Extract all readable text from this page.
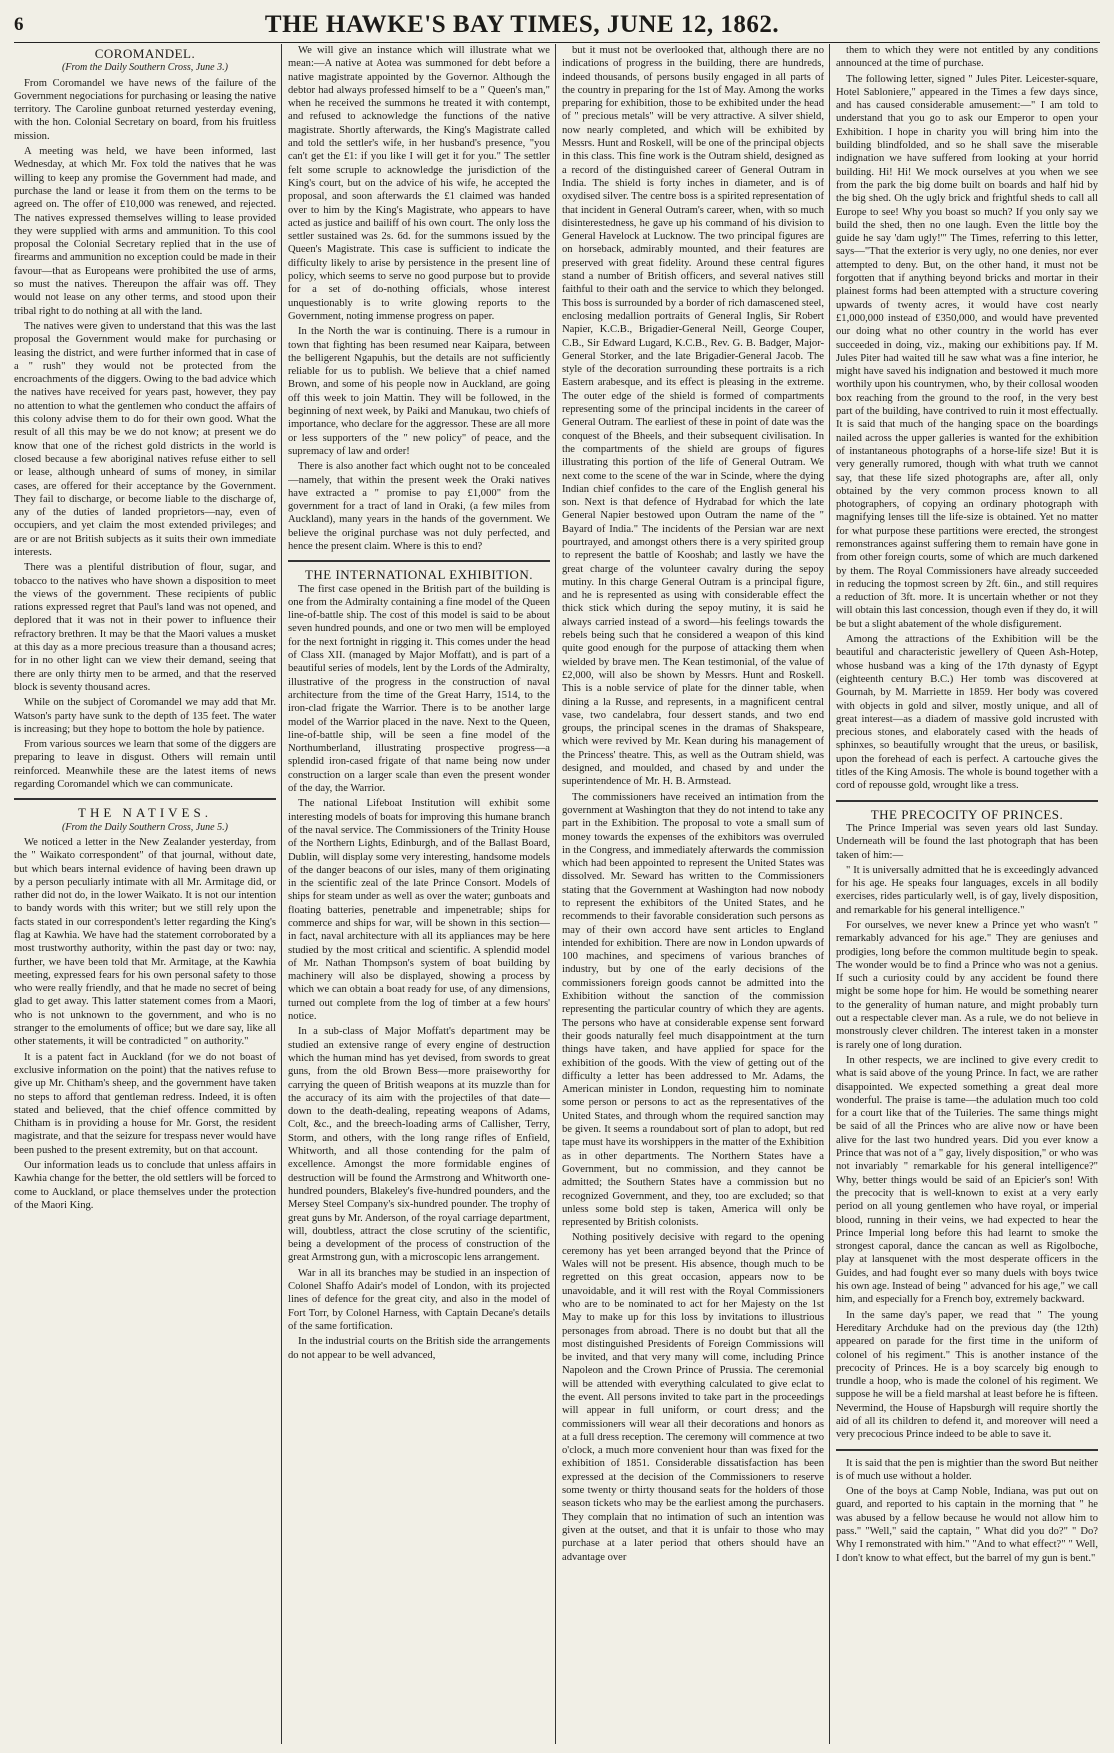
6	THE HAWKE'S BAY TIMES, JUNE 12, 1862.
COROMANDEL.
(From the Daily Southern Cross, June 3.)

From Coromandel we have news of the failure of the Government negociations for purchasing or leasing the native territory. The Caroline gunboat returned yesterday evening, with the hon. Colonial Secretary on board, from his fruitless mission.

A meeting was held, we have been informed, last Wednesday, at which Mr. Fox told the natives that he was willing to keep any promise the Government had made, and purchase the land or lease it from them on the terms to be agreed on. The offer of £10,000 was renewed, and rejected. The natives expressed themselves willing to lease provided they were supplied with arms and ammunition. To this cool proposal the Colonial Secretary replied that in the use of firearms and ammunition no exception could be made in their favour—that as Europeans were prohibited the use of arms, so must the natives. Thereupon the affair was off. They would not lease on any other terms, and stood upon their tribal right to do nothing at all with the land.

The natives were given to understand that this was the last proposal the Government would make for purchasing or leasing the district, and were further informed that in case of a " rush" they would not be protected from the encroachments of the diggers. Owing to the bad advice which the natives have received for years past, however, they pay no attention to what the gentlemen who conduct the affairs of this colony advise them to do for their own good. What the result of all this may be we do not know; at present we do know that one of the richest gold districts in the world is closed because a few aboriginal natives refuse either to sell or lease, although unheard of sums of money, in similar cases, are offered for their acceptance by the Government. They fail to discharge, or become liable to the discharge of, any of the duties of landed proprietors—nay, even of occupiers, and yet claim the most extended privileges; and are or are not British subjects as it suits their own immediate interests.

There was a plentiful distribution of flour, sugar, and tobacco to the natives who have shown a disposition to meet the views of the government. These recipients of public rations expressed regret that Paul's land was not opened, and deplored that it was not in their power to influence their refractory brethren. It may be that the Maori values a musket at this day as a more precious treasure than a thousand acres; for in no other light can we view their demand, seeing that there are only thirty men to be armed, and that the reserved block is seventy thousand acres.

While on the subject of Coromandel we may add that Mr. Watson's party have sunk to the depth of 135 feet. The water is increasing; but they hope to bottom the hole by patience.

From various sources we learn that some of the diggers are preparing to leave in disgust. Others will remain until reinforced. Meanwhile these are the latest items of news regarding Coromandel which we can communicate.

THE NATIVES.
(From the Daily Southern Cross, June 5.)

We noticed a letter in the New Zealander yesterday, from the " Waikato correspondent" of that journal, without date, but which bears internal evidence of having been drawn up by a person peculiarly intimate with all Mr. Armitage did, or rather did not do, in the lower Waikato. It is not our intention to bandy words with this writer; but we still rely upon the facts stated in our correspondent's letter regarding the King's flag at Kawhia. We have had the statement corroborated by a most trustworthy authority, within the past day or two: nay, further, we have been told that Mr. Armitage, at the Kawhia meeting, expressed fears for his own personal safety to those who were really friendly, and that he made no secret of being glad to get away. This latter statement comes from a Maori, who is not unknown to the government, and who is no stranger to the emoluments of office; but we dare say, like all other statements, it will be contradicted " on authority."

It is a patent fact in Auckland (for we do not boast of exclusive information on the point) that the natives refuse to give up Mr. Chitham's sheep, and the government have taken no steps to afford that gentleman redress. Indeed, it is often stated and believed, that the chief offence committed by Chitham is in providing a house for Mr. Gorst, the resident magistrate, and that the seizure for trespass never would have been pushed to the present extremity, but on that account.

Our information leads us to conclude that unless affairs in Kawhia change for the better, the old settlers will be forced to come to Auckland, or place themselves under the protection of the Maori King.

We will give an instance which will illustrate what we mean:—A native at Aotea was summoned for debt before a native magistrate appointed by the Governor. Although the debtor had always professed himself to be a " Queen's man," when he received the summons he treated it with contempt, and refused to acknowledge the functions of the native magistrate. Shortly afterwards, the King's Magistrate called and told the settler's wife, in her husband's presence, "you can't get the £1: if you like I will get it for you." The settler felt some scruple to acknowledge the jurisdiction of the King's court, but on the advice of his wife, he accepted the proposal, and soon afterwards the £1 claimed was handed over to him by the King's Magistrate, who appears to have acted as justice and bailiff of his own court. The only loss the settler sustained was 2s. 6d. for the summons issued by the Queen's Magistrate. This case is sufficient to indicate the difficulty likely to arise by persistence in the present line of policy, which seems to serve no good purpose but to provide for a set of do-nothing officials, whose interest unquestionably is to write glowing reports to the Government, noting immense progress on paper.

In the North the war is continuing. There is a rumour in town that fighting has been resumed near Kaipara, between the belligerent Ngapuhis, but the details are not sufficiently reliable for us to publish. We believe that a chief named Brown, and some of his people now in Auckland, are going off this week to join Mattin. They will be followed, in the beginning of next week, by Paiki and Manukau, two chiefs of importance, who declare for the aggressor. These are all more or less supporters of the " new policy" of peace, and the supremacy of law and order!

There is also another fact which ought not to be concealed—namely, that within the present week the Oraki natives have extracted a " promise to pay £1,000" from the government for a tract of land in Oraki, (a few miles from Auckland), many years in the hands of the government. We believe the original purchase was not duly perfected, and hence the present claim. Where is this to end?

THE INTERNATIONAL EXHIBITION.

The first case opened in the British part of the building is one from the Admiralty containing a fine model of the Queen line-of-battle ship. The cost of this model is said to be about seven hundred pounds, and one or two men will be employed for the next fortnight in rigging it. This comes under the head of Class XII. (managed by Major Moffatt), and is part of a beautiful series of models, lent by the Lords of the Admiralty, illustrative of the progress in the construction of naval architecture from the time of the Great Harry, 1514, to the iron-clad frigate the Warrior. There is to be another large model of the Warrior placed in the nave. Next to the Queen, line-of-battle ship, will be seen a fine model of the Northumberland, illustrating prospective progress—a splendid iron-cased frigate of that name being now under construction on a larger scale than even the present wonder of the day, the Warrior.

The national Lifeboat Institution will exhibit some interesting models of boats for improving this humane branch of the naval service. The Commissioners of the Trinity House of the Northern Lights, Edinburgh, and of the Ballast Board, Dublin, will display some very interesting, handsome models of the danger beacons of our isles, many of them originating in the scientific zeal of the late Prince Consort. Models of ships for steam under as well as over the water; gunboats and floating batteries, penetrable and impenetrable; ships for commerce and ships for war, will be shown in this section—in fact, naval architecture with all its appliances may be here studied by the most critical and scientific. A splendid model of Mr. Nathan Thompson's system of boat building by machinery will also be displayed, showing a process by which we can obtain a boat ready for use, of any dimensions, turned out complete from the log of timber at a few hours' notice.

In a sub-class of Major Moffatt's department may be studied an extensive range of every engine of destruction which the human mind has yet devised, from swords to great guns, from the old Brown Bess—more praiseworthy for carrying the queen of British weapons at its muzzle than for the accuracy of its aim with the projectiles of that date—down to the death-dealing, repeating weapons of Adams, Colt, &c., and the breech-loading arms of Callisher, Terry, Storm, and others, with the long range rifles of Enfield, Whitworth, and all those contending for the palm of excellence. Amongst the more formidable engines of destruction will be found the Armstrong and Whitworth one-hundred pounders, Blakeley's five-hundred pounders, and the Mersey Steel Company's six-hundred pounder. The trophy of great guns by Mr. Anderson, of the royal carriage department, will, doubtless, attract the close scrutiny of the scientific, being a development of the process of construction of the great Armstrong gun, with a microscopic lens arrangement.

War in all its branches may be studied in an inspection of Colonel Shaffo Adair's model of London, with its projected lines of defence for the great city, and also in the model of Fort Torr, by Colonel Harness, with Captain Decane's details of the same fortification.

In the industrial courts on the British side the arrangements do not appear to be well advanced,

but it must not be overlooked that, although there are no indications of progress in the building, there are hundreds, indeed thousands, of persons busily engaged in all parts of the country in preparing for the 1st of May. Among the works preparing for exhibition, those to be exhibited under the head of " precious metals" will be very attractive. A silver shield, now nearly completed, and which will be exhibited by Messrs. Hunt and Roskell, will be one of the principal objects in this class. This fine work is the Outram shield, designed as a record of the distinguished career of General Outram in India. The shield is forty inches in diameter, and is of oxydised silver. The centre boss is a spirited representation of that incident in General Outram's career, when, with so much disinterestedness, he gave up his command of his division to General Havelock at Lucknow. The two principal figures are on horseback, admirably mounted, and their features are preserved with great fidelity. Around these central figures stand a number of British officers, and several natives still faithful to their oath and the service to which they belonged. This boss is surrounded by a border of rich damascened steel, enclosing medallion portraits of General Inglis, Sir Robert Napier, K.C.B., Brigadier-General Neill, George Couper, C.B., Sir Edward Lugard, K.C.B., Rev. G. B. Badger, Major-General Storker, and the late Brigadier-General Jacob. The style of the decoration surrounding these portraits is a rich Eastern arabesque, and its effect is pleasing in the extreme. The outer edge of the shield is formed of compartments representing some of the principal incidents in the career of General Outram. The earliest of these in point of date was the conquest of the Bheels, and their subsequent civilisation. In the compartments of the shield are groups of figures illustrating this portion of the life of General Outram. We next come to the scene of the war in Scinde, where the dying Indian chief confides to the care of the English general his son. Next is that defence of Hydrabad for which the late General Napier bestowed upon Outram the name of the " Bayard of India." The incidents of the Persian war are next pourtrayed, and amongst others there is a very spirited group to represent the battle of Kooshab; and lastly we have the great charge of the volunteer cavalry during the sepoy mutiny. In this charge General Outram is a principal figure, and he is represented as using with considerable effect the thick stick which during the sepoy mutiny, it is said he always carried instead of a sword—his feelings towards the rebels being such that he considered a weapon of this kind quite good enough for the purpose of attacking them when wielded by brave men. The Kean testimonial, of the value of £2,000, will also be shown by Messrs. Hunt and Roskell. This is a noble service of plate for the dinner table, when dining a la Russe, and represents, in a magnificent central vase, two candelabra, four dessert stands, and two end groups, the principal scenes in the dramas of Shakspeare, which were revived by Mr. Kean during his management of the Princess' theatre. This, as well as the Outram shield, was designed, and moulded, and chased by and under the superintendence of Mr. H. B. Armstead.

The commissioners have received an intimation from the government at Washington that they do not intend to take any part in the Exhibition. The proposal to vote a small sum of money towards the expenses of the exhibitors was overruled in the Congress, and immediately afterwards the commission which had been appointed to represent the United States was dissolved. Mr. Seward has written to the Commissioners stating that the Government at Washington had now nobody to represent the exhibitors of the United States, and he recommends to their favorable consideration such persons as may of their own accord have sent articles to England intended for exhibition. There are now in London upwards of 100 machines, and specimens of various branches of industry, but by one of the early decisions of the commissioners foreign goods cannot be admitted into the Exhibition without the sanction of the commission representing the particular country of which they are agents. The persons who have at considerable expense sent forward their goods naturally feel much disappointment at the turn things have taken, and have applied for space for the exhibition of the goods. With the view of getting out of the difficulty a letter has been addressed to Mr. Adams, the American minister in London, requesting him to nominate some person or persons to act as the representatives of the United States, and through whom the required sanction may be given. It seems a roundabout sort of plan to adopt, but red tape must have its worshippers in the matter of the Exhibition as in other departments. The Northern States have a Government, but no commission, and they cannot be admitted; the Southern States have a commission but no recognized Government, and they, too are excluded; so that unless some bold step is taken, America will only be represented by British colonists.

Nothing positively decisive with regard to the opening ceremony has yet been arranged beyond that the Prince of Wales will not be present. His absence, though much to be regretted on this great occasion, appears now to be unavoidable, and it will rest with the Royal Commissioners who are to be nominated to act for her Majesty on the 1st May to make up for this loss by invitations to illustrious personages from abroad. There is no doubt but that all the most distinguished Presidents of Foreign Commissions will be invited, and that very many will come, including Prince Napoleon and the Crown Prince of Prussia. The ceremonial will be attended with everything calculated to give eclat to the event. All persons invited to take part in the proceedings will appear in full uniform, or court dress; and the commissioners will wear all their decorations and honors as at a full dress reception. The ceremony will commence at two o'clock, a much more convenient hour than was fixed for the exhibition of 1851. Considerable dissatisfaction has been expressed at the decision of the Commissioners to reserve some twenty or thirty thousand seats for the holders of those season tickets who may be the earliest among the purchasers. They complain that no intimation of such an intention was given at the outset, and that it is unfair to those who may purchase at a later period that others should have an advantage over

them to which they were not entitled by any conditions announced at the time of purchase.

The following letter, signed " Jules Piter. Leicester-square, Hotel Sabloniere," appeared in the Times a few days since, and has caused considerable amusement:—" I am told to understand that you go to ask our Emperor to open your Exhibition. I hope in charity you will bring him into the building blindfolded, and so he shall save the miserable indignation we have suffered from looking at your horrid building. Hi! Hi! We mock ourselves at you when we see from the park the big dome built on boards and half hid by the big shed. Oh the ugly brick and frightful sheds to call all Europe to see! Why you boast so much? If you only say we build the shed, then no one laugh. Even the little boy the guide he say 'dam ugly!'" The Times, referring to this letter, says—"That the exterior is very ugly, no one denies, nor ever attempted to deny. But, on the other hand, it must not be forgotten that if anything beyond bricks and mortar in their plainest forms had been attempted with a structure covering upwards of twenty acres, it would have cost nearly £1,000,000 instead of £350,000, and would have prevented our doing what no other country in the world has ever succeeded in doing, viz., making our exhibitions pay. If M. Jules Piter had waited till he saw what was a fine interior, he might have saved his indignation and bestowed it much more worthily upon his countrymen, who, by their collosal wooden box reaching from the ground to the roof, in the very best part of the building, have contrived to ruin it most effectually. It is said that much of the hanging space on the boardings nailed across the upper galleries is wanted for the exhibition of instantaneous photographs of a horse-life size! But it is very generally rumored, though with what truth we cannot say, that these life sized photographs are, after all, only obtained by the very common process known to all photographers, of copying an ordinary photograph with magnifying lenses till the life-size is obtained. Yet no matter for what purpose these partitions were erected, the strongest remonstrances against suffering them to remain have gone in from other foreign courts, some of which are much darkened by them. The Royal Commissioners have already succeeded in reducing the topmost screen by 2ft. 6in., and still requires a reduction of 3ft. more. It is uncertain whether or not they will obtain this last concession, though even if they do, it will be but a slight abatement of the whole disfigurement.

Among the attractions of the Exhibition will be the beautiful and characteristic jewellery of Queen Ash-Hotep, whose husband was a king of the 17th dynasty of Egypt (eighteenth century B.C.) Her tomb was discovered at Gournah, by M. Marriette in 1859. Her body was covered with objects in gold and silver, mostly unique, and all of great interest—as a diadem of massive gold incrusted with precious stones, and elaborately cased with the heads of sphinxes, so beautifully wrought that the ureus, or basilisk, upon the forehead of each is perfect. A cartouche gives the titles of the King Amosis. The whole is bound together with a cord of repousse gold, wrought like a tress.

THE PRECOCITY OF PRINCES.

The Prince Imperial was seven years old last Sunday. Underneath will be found the last photograph that has been taken of him:—

" It is universally admitted that he is exceedingly advanced for his age. He speaks four languages, excels in all bodily exercises, rides particularly well, is of gay, lively disposition, and remarkable for his general intelligence."

For ourselves, we never knew a Prince yet who wasn't " remarkably advanced for his age." They are geniuses and prodigies, long before the common multitude begin to speak. The wonder would be to find a Prince who was not a genius. If such a curiosity could by any accident be found there might be some hope for him. He would be something nearer to the generality of human nature, and might probably turn out a respectable clever man. As a rule, we do not believe in monstrously clever children. The interest taken in a monster is rarely one of long duration.

In other respects, we are inclined to give every credit to what is said above of the young Prince. In fact, we are rather disappointed. We expected something a great deal more wonderful. The praise is tame—the adulation much too cold for a court like that of the Tuileries. The same things might be said of all the Princes who are alive now or have been alive for the last two hundred years. Did you ever know a Prince that was not of a " gay, lively disposition," or who was not invariably " remarkable for his general intelligence?" Why, better things would be said of an Epicier's son! With the precocity that is well-known to exist at a very early period on all young gentlemen who have royal, or imperial blood, running in their veins, we had expected to hear the Prince Imperial long before this had learnt to smoke the strongest caporal, dance the cancan as well as Rigolboche, play at lansquenet with the most desperate officers in the Guides, and had fought ever so many duels with boys twice his own age. Instead of being " advanced for his age," we call him, and especially for a French boy, extremely backward.

In the same day's paper, we read that " The young Hereditary Archduke had on the previous day (the 12th) appeared on parade for the first time in the uniform of colonel of his regiment." This is another instance of the precocity of Princes. He is a boy scarcely big enough to trundle a hoop, who is made the colonel of his regiment. We suppose he will be a field marshal at least before he is fifteen. Nevermind, the House of Hapsburgh will require shortly the aid of all its children to defend it, and moreover will need a very precocious Prince indeed to be able to save it.

It is said that the pen is mightier than the sword But neither is of much use without a holder.

One of the boys at Camp Noble, Indiana, was put out on guard, and reported to his captain in the morning that " he was abused by a fellow because he would not allow him to pass." "Well," said the captain, " What did you do?" " Do? Why I remonstrated with him." "And to what effect?" " Well, I don't know to what effect, but the barrel of my gun is bent."
